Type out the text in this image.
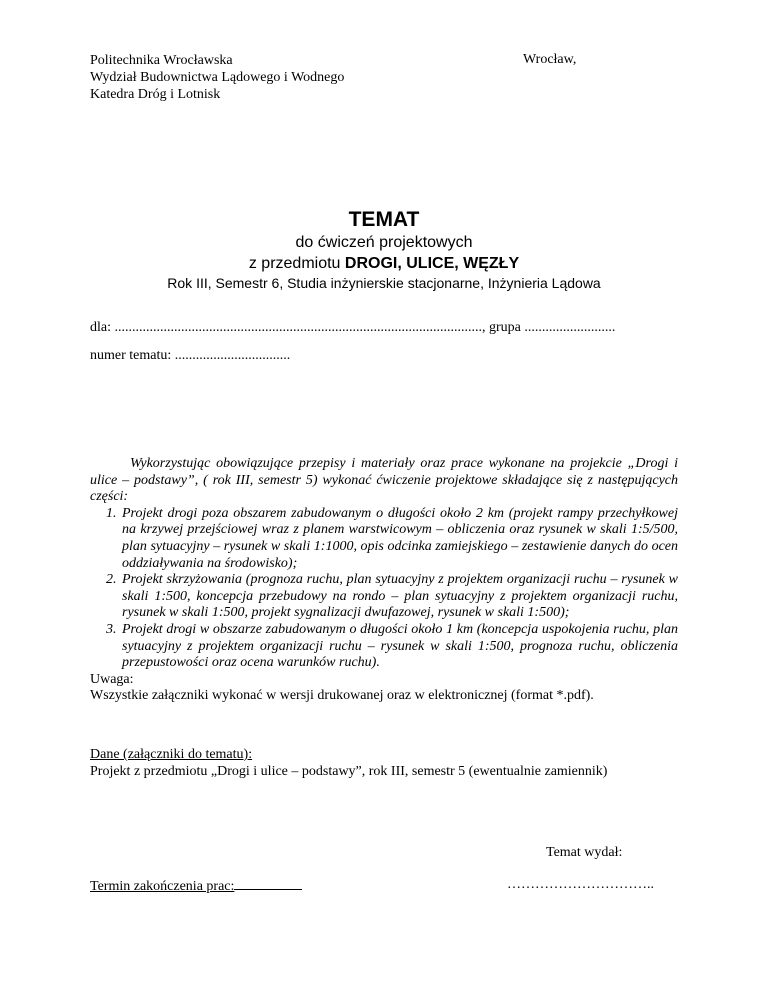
Politechnika Wrocławska
Wydział Budownictwa Lądowego i Wodnego
Katedra Dróg i Lotnisk
Wrocław,
TEMAT
do ćwiczeń projektowych
z przedmiotu DROGI, ULICE, WĘZŁY
Rok III, Semestr 6, Studia inżynierskie stacjonarne, Inżynieria Lądowa
dla: ........................................................................................................., grupa ..........................
numer tematu: .................................

Wykorzystując obowiązujące przepisy i materiały oraz prace wykonane na projekcie „Drogi i ulice – podstawy”, ( rok III, semestr 5) wykonać ćwiczenie projektowe składające się z następujących części:

1. Projekt drogi poza obszarem zabudowanym o długości około 2 km (projekt rampy przechyłkowej na krzywej przejściowej wraz z planem warstwicowym – obliczenia oraz rysunek w skali 1:5/500, plan sytuacyjny – rysunek w skali 1:1000, opis odcinka zamiejskiego – zestawienie danych do ocen oddziaływania na środowisko);
2. Projekt skrzyżowania (prognoza ruchu, plan sytuacyjny z projektem organizacji ruchu – rysunek w skali 1:500, koncepcja przebudowy na rondo – plan sytuacyjny z projektem organizacji ruchu, rysunek w skali 1:500, projekt sygnalizacji dwufazowej, rysunek w skali 1:500);
3. Projekt drogi w obszarze zabudowanym o długości około 1 km (koncepcja uspokojenia ruchu, plan sytuacyjny z projektem organizacji ruchu – rysunek w skali 1:500, prognoza ruchu, obliczenia przepustowości oraz ocena warunków ruchu).

Uwaga:

Wszystkie załączniki wykonać w wersji drukowanej oraz w elektronicznej (format *.pdf).

Dane (załączniki do tematu):
Projekt z przedmiotu „Drogi i ulice – podstawy”, rok III, semestr 5 (ewentualnie zamiennik)
Temat wydał:
Termin zakończenia prac:	…………………………..
